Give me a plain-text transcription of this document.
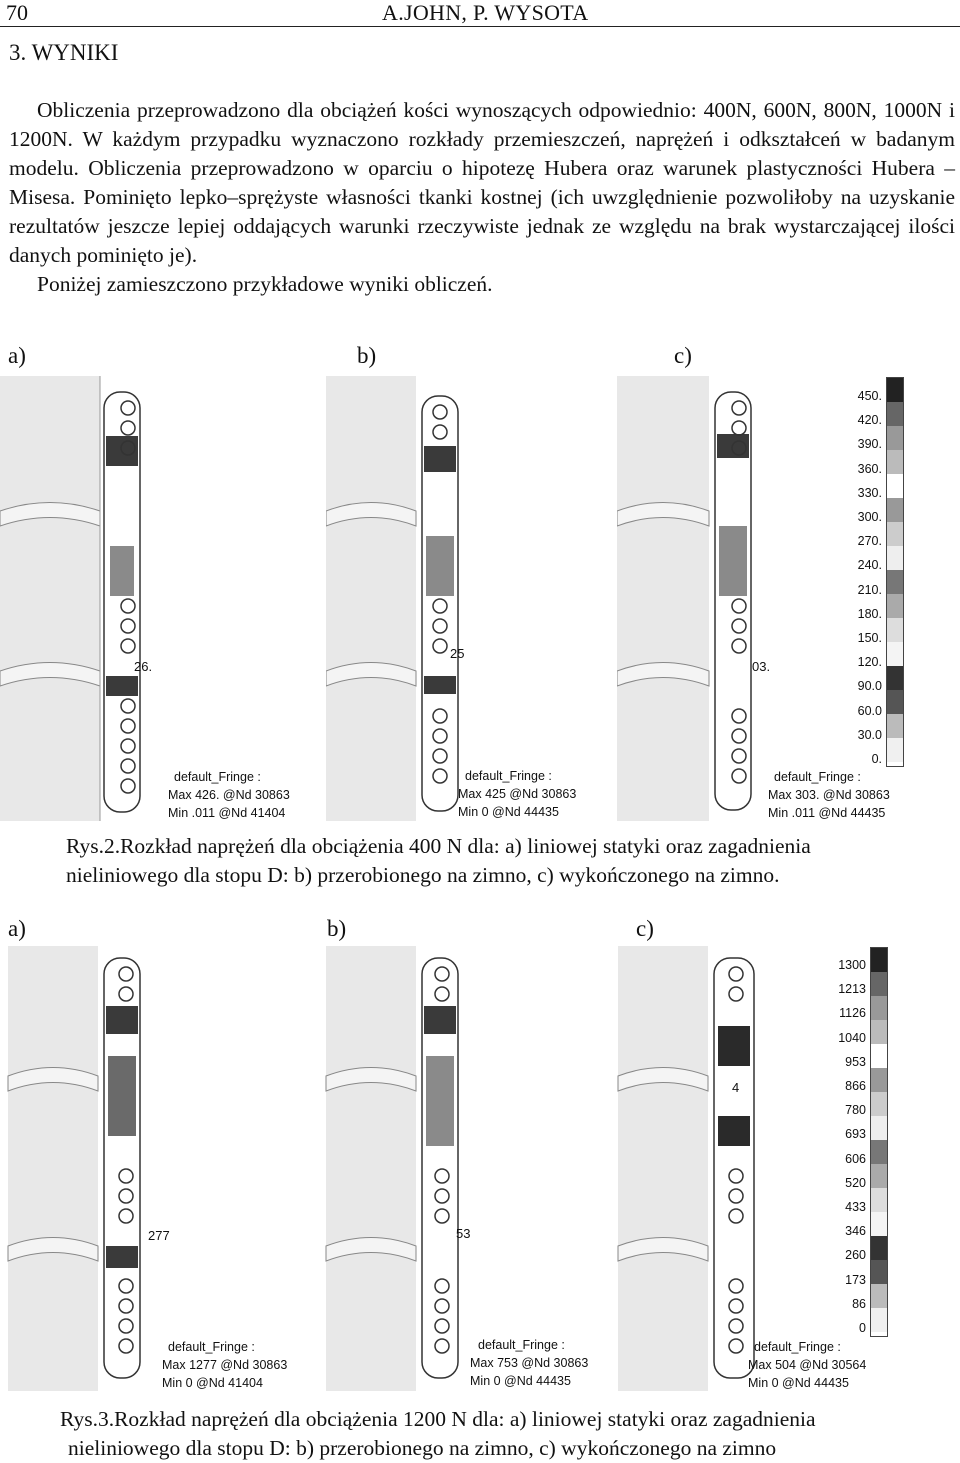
70	A.JOHN, P. WYSOTA
3. WYNIKI

Obliczenia przeprowadzono dla obciążeń kości wynoszących odpowiednio: 400N, 600N, 800N, 1000N i 1200N. W każdym przypadku wyznaczono rozkłady przemieszczeń, naprężeń i odkształceń w badanym modelu. Obliczenia przeprowadzono w oparciu o hipotezę Hubera oraz warunek plastyczności Hubera – Misesa. Pominięto lepko–sprężyste własności tkanki kostnej (ich uwzględnienie pozwoliłoby na uzyskanie rezultatów jeszcze lepiej oddających warunki rzeczywiste jednak ze względu na brak wystarczającej ilości danych pominięto je).

Poniżej zamieszczono przykładowe wyniki obliczeń.

a)	b)	c)
26.
default_Fringe :
Max 426. @Nd 30863
Min .011 @Nd 41404
25
default_Fringe :
Max 425 @Nd 30863
Min 0 @Nd 44435
03.
default_Fringe :
Max 303. @Nd 30863
Min .011 @Nd 44435
450.
420.
390.
360.
330.
300.
270.
240.
210.
180.
150.
120.
90.0
60.0
30.0
0.
Rys.2.Rozkład naprężeń dla obciążenia 400 N dla: a) liniowej statyki oraz zagadnienia
nieliniowego dla stopu D: b) przerobionego na zimno, c) wykończonego na zimno.
a)	b)	c)
277
default_Fringe :
Max 1277 @Nd 30863
Min 0 @Nd 41404
53
default_Fringe :
Max 753 @Nd 30863
Min 0 @Nd 44435
4
default_Fringe :
Max 504 @Nd 30564
Min 0 @Nd 44435
1300
1213
1126
1040
953
866
780
693
606
520
433
346
260
173
86
0
Rys.3.Rozkład naprężeń dla obciążenia 1200 N dla: a) liniowej statyki oraz zagadnienia
nieliniowego dla stopu D: b) przerobionego na zimno, c) wykończonego na zimno
